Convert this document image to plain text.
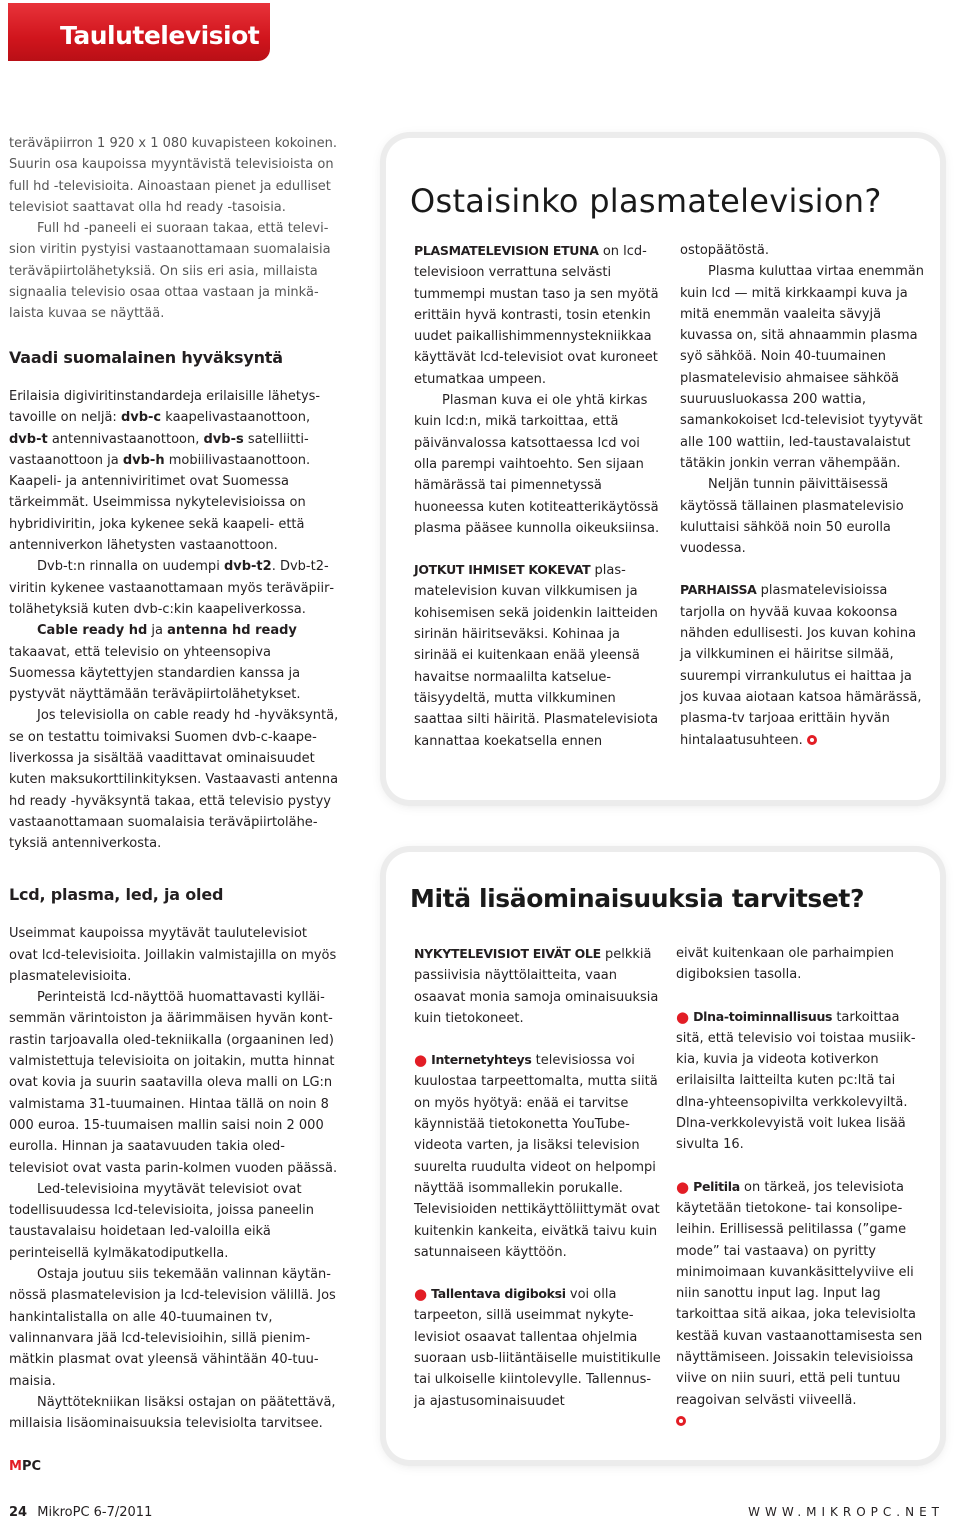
Taulutelevisiot

teräväpiirron 1 920 x 1 080 kuvapisteen kokoinen. Suurin osa kaupoissa myyntävistä televisioista on full hd -televisioita. Ainoastaan pienet ja edulliset televisiot saattavat olla hd ready -tasoisia.

Full hd -paneeli ei suoraan takaa, että television viritin pystyisi vastaanottamaan suomalaisia teräväpiirtolähetyksiä. On siis eri asia, millaista signaalia televisio osaa ottaa vastaan ja minkälaista kuvaa se näyttää.

Vaadi suomalainen hyväksyntä

Erilaisia digiviritinstandardeja erilaisille lähetystavoille on neljä: dvb-c kaapelivastaanottoon, dvb-t antennivastaanottoon, dvb-s satelliittivastaanottoon ja dvb-h mobiilivastaanottoon. Kaapeli- ja antenniviritimet ovat Suomessa tärkeimmät. Useimmissa nykytelevisioissa on hybridiviritin, joka kykenee sekä kaapeli- että antenniverkon lähetysten vastaanottoon.

Dvb-t:n rinnalla on uudempi dvb-t2. Dvb-t2-viritin kykenee vastaanottamaan myös teräväpiirtolähetyksiä kuten dvb-c:kin kaapeliverkossa.

Cable ready hd ja antenna hd ready takaavat, että televisio on yhteensopiva Suomessa käytettyjen standardien kanssa ja pystyvät näyttämään teräväpiirtolähetykset.

Jos televisiolla on cable ready hd -hyväksyntä, se on testattu toimivaksi Suomen dvb-c-kaapeliverkossa ja sisältää vaadittavat ominaisuudet kuten maksukorttilinkityksen. Vastaavasti antenna hd ready -hyväksyntä takaa, että televisio pystyy vastaanottamaan suomalaisia teräväpiirtolähetyksiä antenniverkosta.

Lcd, plasma, led, ja oled

Useimmat kaupoissa myytävät taulutelevisiot ovat lcd-televisioita. Joillakin valmistajilla on myös plasmatelevisioita.

Perinteistä lcd-näyttöä huomattavasti kylläisemmän värintoiston ja äärimmäisen hyvän kontrastin tarjoavalla oled-tekniikalla (orgaaninen led) valmistettuja televisioita on joitakin, mutta hinnat ovat kovia ja suurin saatavilla oleva malli on LG:n valmistama 31-tuumainen. Hintaa tällä on noin 8 000 euroa. 15-tuumaisen mallin saisi noin 2 000 eurolla. Hinnan ja saatavuuden takia oled-televisiot ovat vasta parin-kolmen vuoden päässä.

Led-televisioina myytävät televisiot ovat todellisuudessa lcd-televisioita, joissa paneelin taustavalaisu hoidetaan led-valoilla eikä perinteisellä kylmäkatodiputkella.

Ostaja joutuu siis tekemään valinnan käytännössä plasmatelevision ja lcd-television välillä. Jos hankintalistalla on alle 40-tuumainen tv, valinnanvara jää lcd-televisioihin, sillä pienimmätkin plasmat ovat yleensä vähintään 40-tuumaisia.

Näyttötekniikan lisäksi ostajan on päätettävä, millaisia lisäominaisuuksia televisiolta tarvitsee.

MPC
Ostaisinko plasmatelevision?

PLASMATELEVISION ETUNA on lcd-televisioon verrattuna selvästi tummempi mustan taso ja sen myötä erittäin hyvä kontrasti, tosin etenkin uudet paikallishimmennystekniikkaa käyttävät lcd-televisiot ovat kuroneet etumatkaa umpeen.

Plasman kuva ei ole yhtä kirkas kuin lcd:n, mikä tarkoittaa, että päivänvalossa katsottaessa lcd voi olla parempi vaihtoehto. Sen sijaan hämärässä tai pimennetyssä huoneessa kuten kotiteatterikäytössä plasma pääsee kunnolla oikeuksiinsa.

JOTKUT IHMISET KOKEVAT plasmatelevision kuvan vilkkumisen ja kohisemisen sekä joidenkin laitteiden sirinän häiritseväksi. Kohinaa ja sirinää ei kuitenkaan enää yleensä havaitse normaalilta katseluetäisyydeltä, mutta vilkkuminen saattaa silti häiritä. Plasmatelevisiota kannattaa koekatsella ennen

ostopäätöstä.

Plasma kuluttaa virtaa enemmän kuin lcd — mitä kirkkaampi kuva ja mitä enemmän vaaleita sävyjä kuvassa on, sitä ahnaammin plasma syö sähköä. Noin 40-tuumainen plasmatelevisio ahmaisee sähköä suuruusluokassa 200 wattia, samankokoiset lcd-televisiot tyytyvät alle 100 wattiin, led-taustavalaistut tätäkin jonkin verran vähempään.

Neljän tunnin päivittäisessä käytössä tällainen plasmatelevisio kuluttaisi sähköä noin 50 eurolla vuodessa.

PARHAISSA plasmatelevisioissa tarjolla on hyvää kuvaa kokoonsa nähden edullisesti. Jos kuvan kohina ja vilkkuminen ei häiritse silmää, suurempi virrankulutus ei haittaa ja jos kuvaa aiotaan katsoa hämärässä, plasma-tv tarjoaa erittäin hyvän hintalaatusuhteen.

Mitä lisäominaisuuksia tarvitset?

NYKYTELEVISIOT EIVÄT OLE pelkkiä passiivisia näyttölaitteita, vaan osaavat monia samoja ominaisuuksia kuin tietokoneet.

● Internetyhteys televisiossa voi kuulostaa tarpeettomalta, mutta siitä on myös hyötyä: enää ei tarvitse käynnistää tietokonetta YouTube-videota varten, ja lisäksi television suurelta ruudulta videot on helpompi näyttää isommallekin porukalle. Televisioiden nettikäyttöliittymät ovat kuitenkin kankeita, eivätkä taivu kuin satunnaiseen käyttöön.

● Tallentava digiboksi voi olla tarpeeton, sillä useimmat nykytelevisiot osaavat tallentaa ohjelmia suoraan usb-liitäntäiselle muistitikulle tai ulkoiselle kiintolevylle. Tallennus- ja ajastusominaisuudet

eivät kuitenkaan ole parhaimpien digiboksien tasolla.

● Dlna-toiminnallisuus tarkoittaa sitä, että televisio voi toistaa musiikkia, kuvia ja videota kotiverkon erilaisilta laitteilta kuten pc:ltä tai dlna-yhteensopivilta verkkolevyiltä. Dlna-verkkolevyistä voit lukea lisää sivulta 16.

● Pelitila on tärkeä, jos televisiota käytetään tietokone- tai konsolipeleihin. Erillisessä pelitilassa (”game mode” tai vastaava) on pyritty minimoimaan kuvankäsittelyviive eli niin sanottu input lag. Input lag tarkoittaa sitä aikaa, joka televisiolta kestää kuvan vastaanottamisesta sen näyttämiseen. Joissakin televisioissa viive on niin suuri, että peli tuntuu reagoivan selvästi viiveellä.

24 MikroPC 6-7/2011	WWW.MIKROPC.NET
